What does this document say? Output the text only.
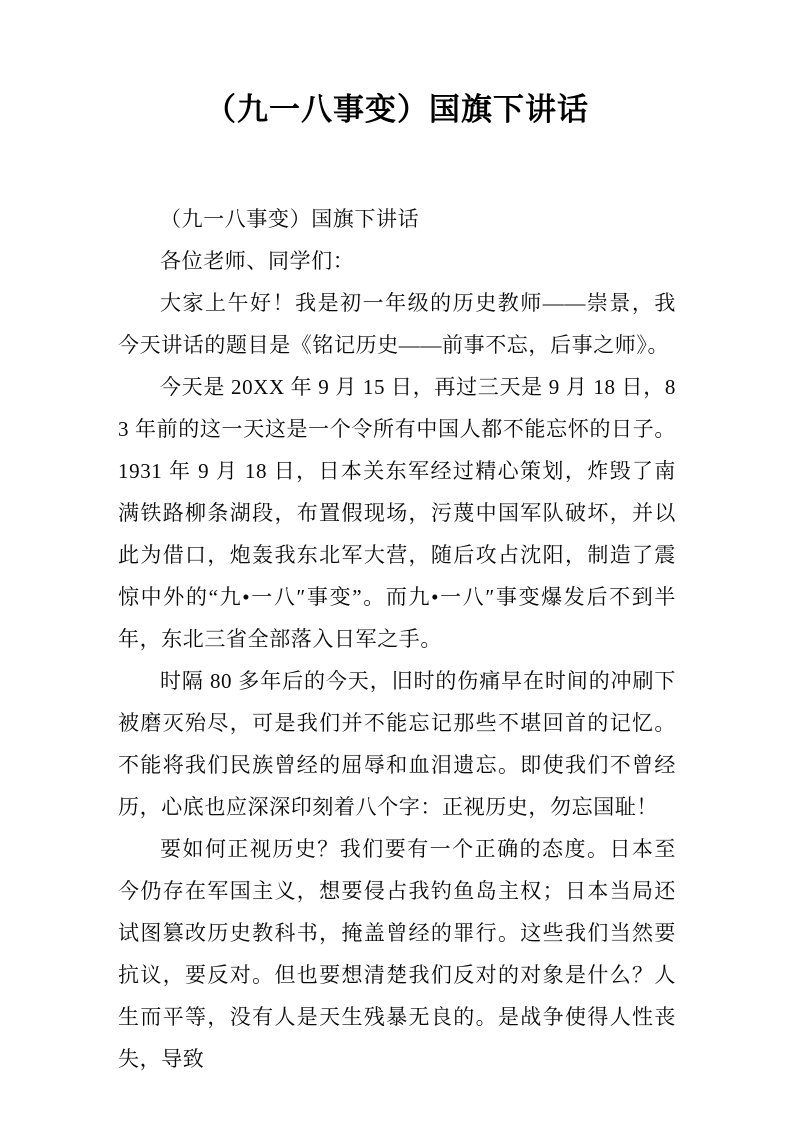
（九一八事变）国旗下讲话

（九一八事变）国旗下讲话

各位老师、同学们：

大家上午好！我是初一年级的历史教师——崇景，我今天讲话的题目是《铭记历史——前事不忘，后事之师》。

今天是 20XX 年 9 月 15 日，再过三天是 9 月 18 日，83 年前的这一天这是一个令所有中国人都不能忘怀的日子。1931 年 9 月 18 日，日本关东军经过精心策划，炸毁了南满铁路柳条湖段，布置假现场，污蔑中国军队破坏，并以此为借口，炮轰我东北军大营，随后攻占沈阳，制造了震惊中外的“九•一八″事变”。而九•一八″事变爆发后不到半年，东北三省全部落入日军之手。

时隔 80 多年后的今天，旧时的伤痛早在时间的冲刷下被磨灭殆尽，可是我们并不能忘记那些不堪回首的记忆。不能将我们民族曾经的屈辱和血泪遗忘。即使我们不曾经历，心底也应深深印刻着八个字：正视历史，勿忘国耻！

要如何正视历史？我们要有一个正确的态度。日本至今仍存在军国主义，想要侵占我钓鱼岛主权；日本当局还试图篡改历史教科书，掩盖曾经的罪行。这些我们当然要抗议，要反对。但也要想清楚我们反对的对象是什么？人生而平等，没有人是天生残暴无良的。是战争使得人性丧失，导致
